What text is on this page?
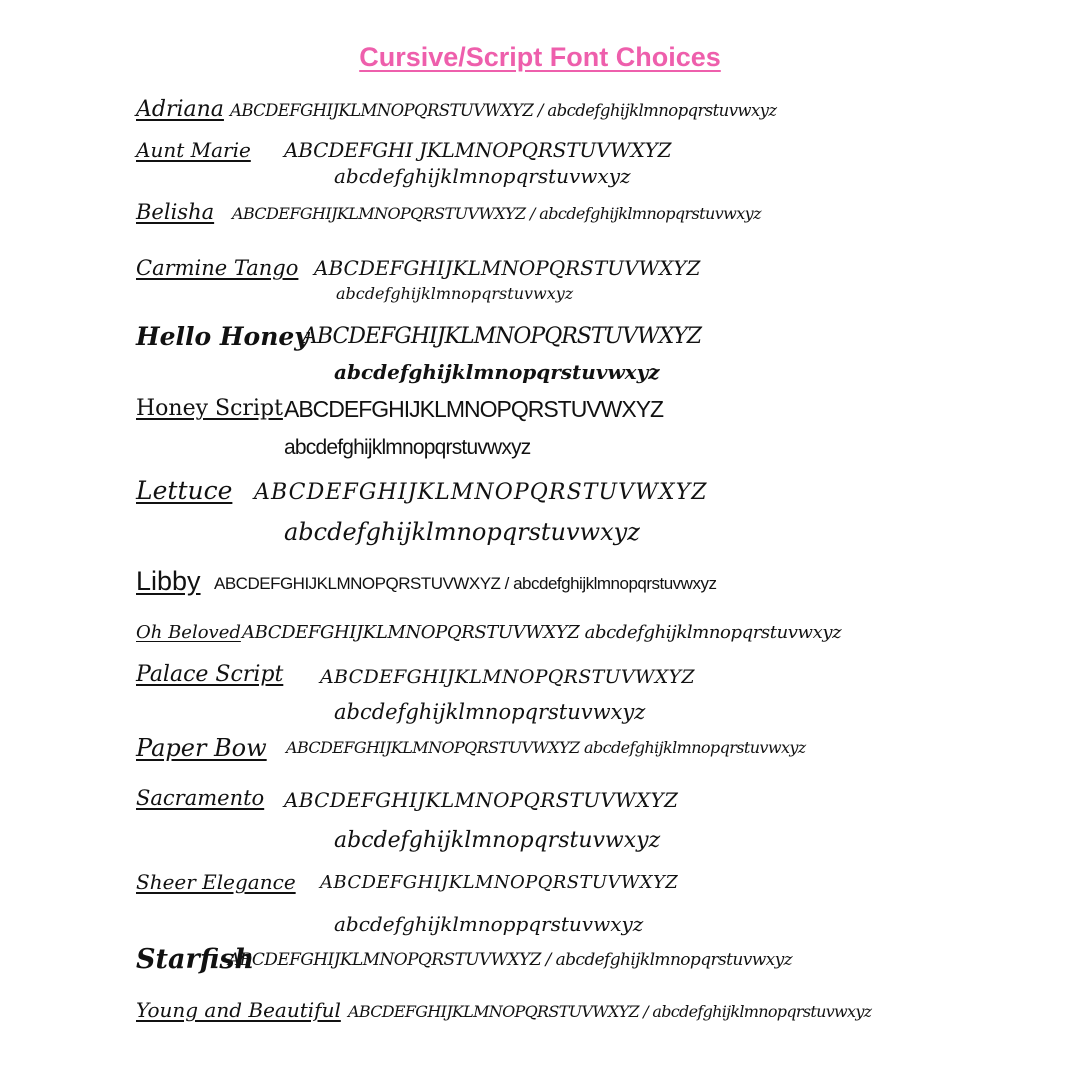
Cursive/Script Font Choices
Adriana ABCDEFGHIJKLMNOPQRSTUVWXYZ / abcdefghijklmnopqrstuvwxyz
Aunt Marie ABCDEFGHI JKLMNOPQRSTUVWXYZ
abcdefghijklmnopqrstuvwxyz
Belisha ABCDEFGHIJKLMNOPQRSTUVWXYZ / abcdefghijklmnopqrstuvwxyz
Carmine Tango ABCDEFGHIJKLMNOPQRSTUVWXYZ
abcdefghijklmnopqrstuvwxyz
Hello Honey
ABCDEFGHIJKLMNOPQRSTUVWXYZ
abcdefghijklmnopqrstuvwxyz
Honey Script ABCDEFGHIJKLMNOPQRSTUVWXYZ
abcdefghijklmnopqrstuvwxyz
Lettuce ABCDEFGHIJKLMNOPQRSTUVWXYZ
abcdefghijklmnopqrstuvwxyz
Libby ABCDEFGHIJKLMNOPQRSTUVWXYZ / abcdefghijklmnopqrstuvwxyz
Oh Beloved ABCDEFGHIJKLMNOPQRSTUVWXYZ abcdefghijklmnopqrstuvwxyz
Palace Script ABCDEFGHIJKLMNOPQRSTUVWXYZ
abcdefghijklmnopqrstuvwxyz
Paper Bow ABCDEFGHIJKLMNOPQRSTUVWXYZ abcdefghijklmnopqrstuvwxyz
Sacramento ABCDEFGHIJKLMNOPQRSTUVWXYZ
abcdefghijklmnopqrstuvwxyz
Sheer Elegance ABCDEFGHIJKLMNOPQRSTUVWXYZ
abcdefghijklmnoppqrstuvwxyz
Starfish
ABCDEFGHIJKLMNOPQRSTUVWXYZ / abcdefghijklmnopqrstuvwxyz
Young and Beautiful ABCDEFGHIJKLMNOPQRSTUVWXYZ / abcdefghijklmnopqrstuvwxyz
